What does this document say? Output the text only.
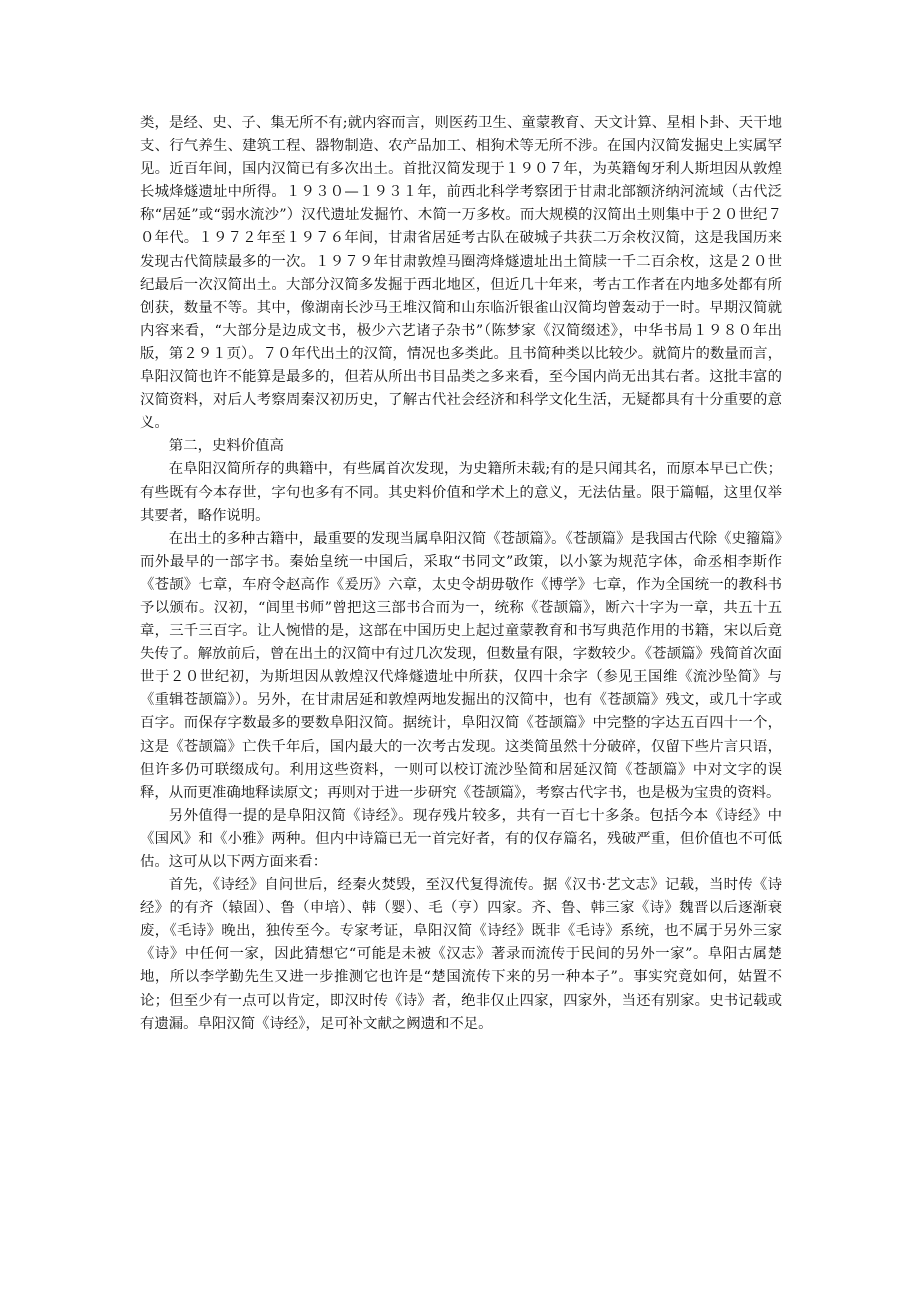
类，是经、史、子、集无所不有;就内容而言，则医药卫生、童蒙教育、天文计算、星相卜卦、天干地支、行气养生、建筑工程、器物制造、农产品加工、相狗术等无所不涉。在国内汉简发掘史上实属罕见。近百年间，国内汉简已有多次出土。首批汉简发现于１９０７年，为英籍匈牙利人斯坦因从敦煌长城烽燧遗址中所得。１９３０—１９３１年，前西北科学考察团于甘肃北部额济纳河流域（古代泛称“居延”或“弱水流沙”）汉代遗址发掘竹、木简一万多枚。而大规模的汉简出土则集中于２０世纪７０年代。１９７２年至１９７６年间，甘肃省居延考古队在破城子共获二万余枚汉简，这是我国历来发现古代简牍最多的一次。１９７９年甘肃敦煌马圈湾烽燧遗址出土简牍一千二百余枚，这是２０世纪最后一次汉简出土。大部分汉简多发掘于西北地区，但近几十年来，考古工作者在内地多处都有所创获，数量不等。其中，像湖南长沙马王堆汉简和山东临沂银雀山汉简均曾轰动于一时。早期汉简就内容来看，“大部分是边成文书，极少六艺诸子杂书”（陈梦家《汉简缀述》，中华书局１９８０年出版，第２９１页）。７０年代出土的汉简，情况也多类此。且书简种类以比较少。就简片的数量而言，阜阳汉简也许不能算是最多的，但若从所出书目品类之多来看，至今国内尚无出其右者。这批丰富的汉简资料，对后人考察周秦汉初历史，了解古代社会经济和科学文化生活，无疑都具有十分重要的意义。

第二，史料价值高

在阜阳汉简所存的典籍中，有些属首次发现，为史籍所未载;有的是只闻其名，而原本早已亡佚；有些既有今本存世，字句也多有不同。其史料价值和学术上的意义，无法估量。限于篇幅，这里仅举其要者，略作说明。

在出土的多种古籍中，最重要的发现当属阜阳汉简《苍颉篇》。《苍颉篇》是我国古代除《史籀篇》而外最早的一部字书。秦始皇统一中国后，采取“书同文”政策，以小篆为规范字体，命丞相李斯作《苍颉》七章，车府令赵高作《爰历》六章，太史令胡毋敬作《博学》七章，作为全国统一的教科书予以颁布。汉初，“闾里书师”曾把这三部书合而为一，统称《苍颉篇》，断六十字为一章，共五十五章，三千三百字。让人惋惜的是，这部在中国历史上起过童蒙教育和书写典范作用的书籍，宋以后竟失传了。解放前后，曾在出土的汉简中有过几次发现，但数量有限，字数较少。《苍颉篇》残简首次面世于２０世纪初，为斯坦因从敦煌汉代烽燧遗址中所获，仅四十余字（参见王国维《流沙坠简》与《重辑苍颉篇》）。另外，在甘肃居延和敦煌两地发掘出的汉简中，也有《苍颉篇》残文，或几十字或百字。而保存字数最多的要数阜阳汉简。据统计，阜阳汉简《苍颉篇》中完整的字达五百四十一个，这是《苍颉篇》亡佚千年后，国内最大的一次考古发现。这类简虽然十分破碎，仅留下些片言只语，但许多仍可联缀成句。利用这些资料，一则可以校订流沙坠简和居延汉简《苍颉篇》中对文字的误释，从而更准确地释读原文；再则对于进一步研究《苍颉篇》，考察古代字书，也是极为宝贵的资料。

另外值得一提的是阜阳汉简《诗经》。现存残片较多，共有一百七十多条。包括今本《诗经》中《国风》和《小雅》两种。但内中诗篇已无一首完好者，有的仅存篇名，残破严重，但价值也不可低估。这可从以下两方面来看：

首先，《诗经》自问世后，经秦火焚毁，至汉代复得流传。据《汉书·艺文志》记载，当时传《诗经》的有齐（辕固）、鲁（申培）、韩（婴）、毛（亨）四家。齐、鲁、韩三家《诗》魏晋以后逐渐衰废，《毛诗》晚出，独传至今。专家考证，阜阳汉简《诗经》既非《毛诗》系统，也不属于另外三家《诗》中任何一家，因此猜想它“可能是未被《汉志》著录而流传于民间的另外一家”。阜阳古属楚地，所以李学勤先生又进一步推测它也许是“楚国流传下来的另一种本子”。事实究竟如何，姑置不论；但至少有一点可以肯定，即汉时传《诗》者，绝非仅止四家，四家外，当还有别家。史书记载或有遗漏。阜阳汉简《诗经》，足可补文献之阙遗和不足。
